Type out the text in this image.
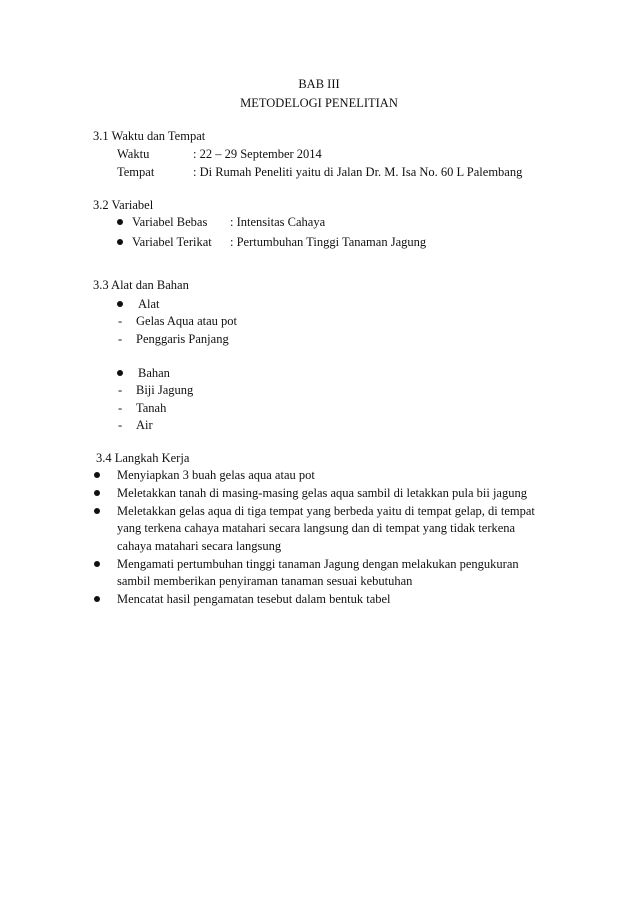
BAB III
METODELOGI PENELITIAN
3.1 Waktu dan Tempat
Waktu	: 22 – 29 September 2014
Tempat	: Di Rumah Peneliti yaitu di Jalan Dr. M. Isa No. 60 L Palembang
3.2 Variabel
Variabel Bebas : Intensitas Cahaya
Variabel Terikat : Pertumbuhan Tinggi Tanaman Jagung
3.3 Alat dan Bahan
Alat
- Gelas Aqua atau pot
- Penggaris Panjang
Bahan
- Biji Jagung
- Tanah
- Air
3.4 Langkah Kerja
Menyiapkan 3 buah gelas aqua atau pot
Meletakkan tanah di masing-masing gelas aqua sambil di letakkan pula bii jagung
Meletakkan gelas aqua di tiga tempat yang berbeda yaitu di tempat gelap, di tempat
yang terkena cahaya matahari secara langsung dan di tempat yang tidak terkena
cahaya matahari secara langsung
Mengamati pertumbuhan tinggi tanaman Jagung dengan melakukan pengukuran
sambil memberikan penyiraman tanaman sesuai kebutuhan
Mencatat hasil pengamatan tesebut dalam bentuk tabel
